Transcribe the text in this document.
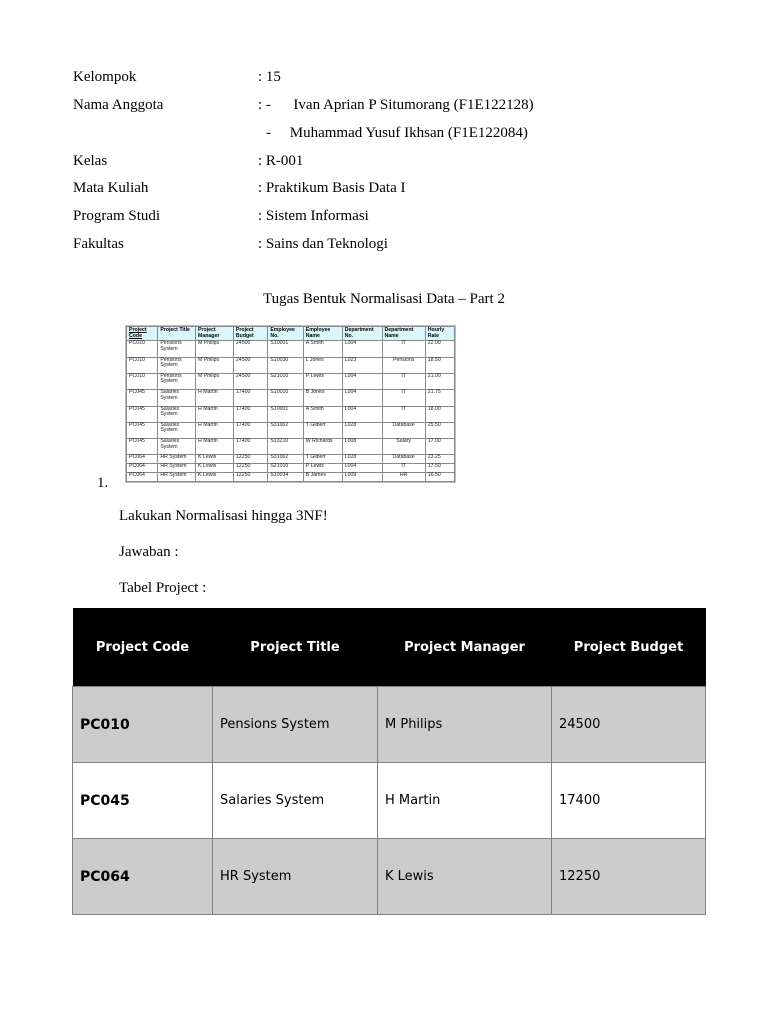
Kelompok	: 15
Nama Anggota	: -      Ivan Aprian P Situmorang (F1E122128)
-     Muhammad Yusuf Ikhsan (F1E122084)
Kelas	: R-001
Mata Kuliah	: Praktikum Basis Data I
Program Studi	: Sistem Informasi
Fakultas	: Sains dan Teknologi
Tugas Bentuk Normalisasi Data – Part 2
Project Code	Project Title	Project Manager	Project Budget	Employee No.	Employee Name	Department No.	Department Name	Hourly Rate
PC010	Pensions System	M Philips	24500	S10001	A Smith	L004	IT	22.00
PC010	Pensions System	M Philips	24500	S10030	L Jones	L023	Pensions	18.50
PC010	Pensions System	M Philips	24500	S21010	P Lewis	L004	IT	21.00
PC045	Salaries System	H Martin	17400	S10010	B Jones	L004	IT	21.75
PC045	Salaries System	H Martin	17400	S10001	A Smith	L004	IT	18.00
PC045	Salaries System	H Martin	17400	S31002	T Gilbert	L028	Database	25.50
PC045	Salaries System	H Martin	17400	S13210	W Richards	L008	Salary	17.00
PC064	HR System	K Lewis	12250	S31002	T Gilbert	L028	Database	23.25
PC064	HR System	K Lewis	12250	S21010	P Lewis	L004	IT	17.50
PC064	HR System	K Lewis	12250	S10034	B James	L009	HR	16.50
1.
Lakukan Normalisasi hingga 3NF!
Jawaban :
Tabel Project :
Project Code	Project Title	Project Manager	Project Budget
PC010	Pensions System	M Philips	24500
PC045	Salaries System	H Martin	17400
PC064	HR System	K Lewis	12250
